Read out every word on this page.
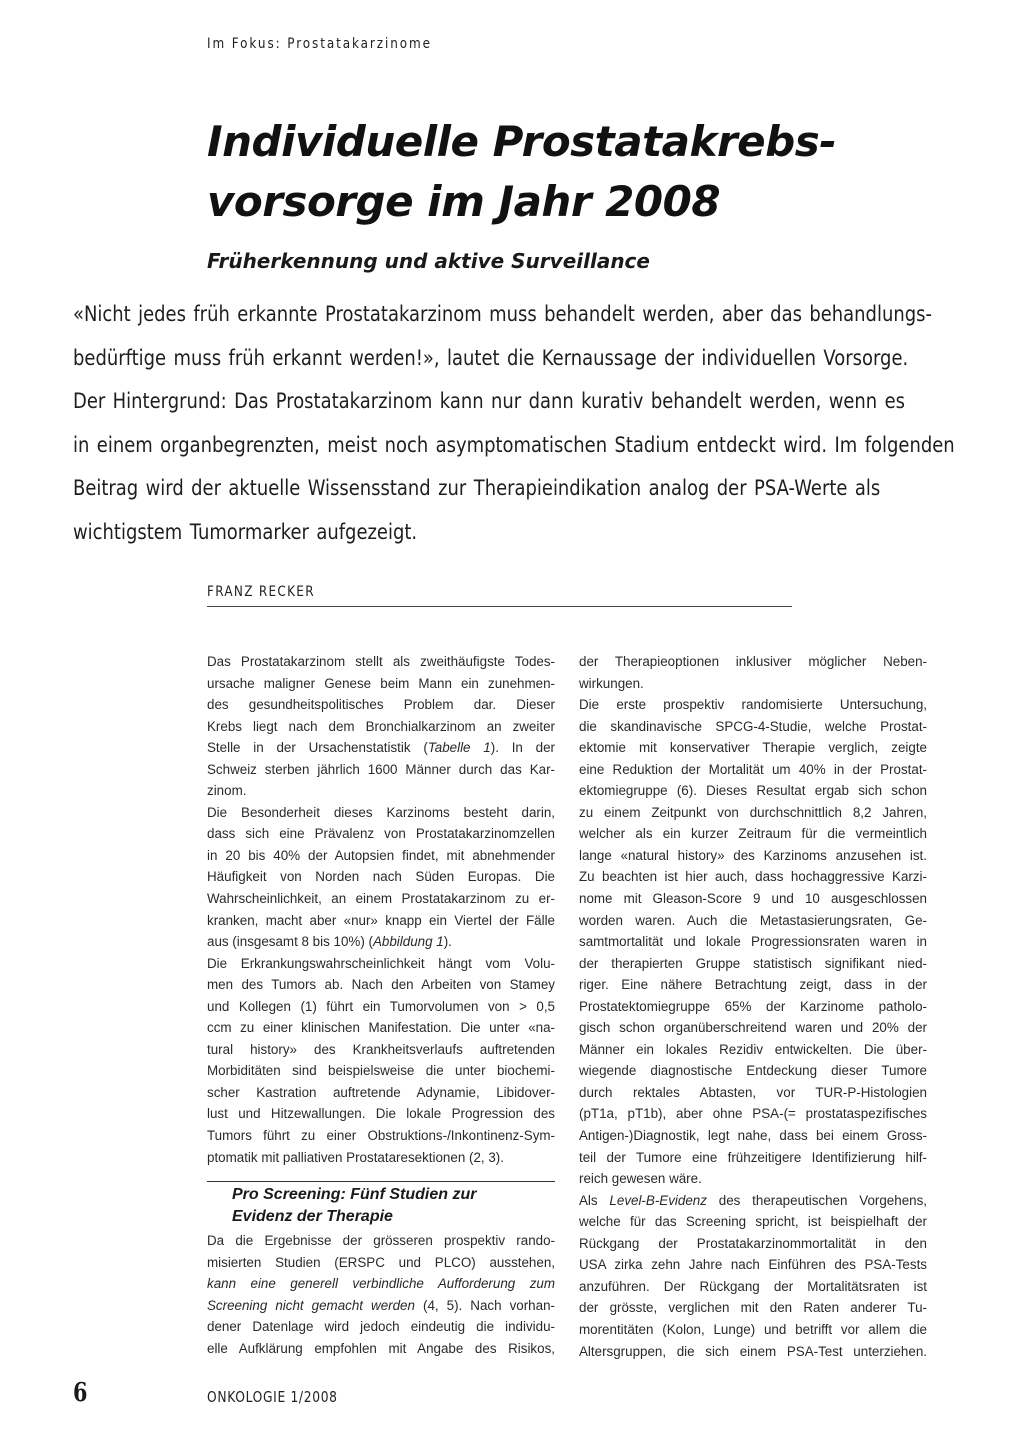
Im Fokus: Prostatakarzinome
Individuelle Prostatakrebs-
vorsorge im Jahr 2008
Früherkennung und aktive Surveillance
«Nicht jedes früh erkannte Prostatakarzinom muss behandelt werden, aber das behandlungs-
bedürftige muss früh erkannt werden!», lautet die Kernaussage der individuellen Vorsorge.
Der Hintergrund: Das Prostatakarzinom kann nur dann kurativ behandelt werden, wenn es
in einem organbegrenzten, meist noch asymptomatischen Stadium entdeckt wird. Im folgenden
Beitrag wird der aktuelle Wissensstand zur Therapieindikation analog der PSA-Werte als
wichtigstem Tumormarker aufgezeigt.
FRANZ RECKER
Das Prostatakarzinom stellt als zweithäufigste Todes-
ursache maligner Genese beim Mann ein zunehmen-
des gesundheitspolitisches Problem dar. Dieser
Krebs liegt nach dem Bronchialkarzinom an zweiter
Stelle in der Ursachenstatistik (Tabelle 1). In der
Schweiz sterben jährlich 1600 Männer durch das Kar-
zinom.
Die Besonderheit dieses Karzinoms besteht darin,
dass sich eine Prävalenz von Prostatakarzinomzellen
in 20 bis 40% der Autopsien findet, mit abnehmender
Häufigkeit von Norden nach Süden Europas. Die
Wahrscheinlichkeit, an einem Prostatakarzinom zu er-
kranken, macht aber «nur» knapp ein Viertel der Fälle
aus (insgesamt 8 bis 10%) (Abbildung 1).
Die Erkrankungswahrscheinlichkeit hängt vom Volu-
men des Tumors ab. Nach den Arbeiten von Stamey
und Kollegen (1) führt ein Tumorvolumen von > 0,5
ccm zu einer klinischen Manifestation. Die unter «na-
tural history» des Krankheitsverlaufs auftretenden
Morbiditäten sind beispielsweise die unter biochemi-
scher Kastration auftretende Adynamie, Libidover-
lust und Hitzewallungen. Die lokale Progression des
Tumors führt zu einer Obstruktions-/Inkontinenz-Sym-
ptomatik mit palliativen Prostataresektionen (2, 3).
Pro Screening: Fünf Studien zur
Evidenz der Therapie
Da die Ergebnisse der grösseren prospektiv rando-
misierten Studien (ERSPC und PLCO) ausstehen,
kann eine generell verbindliche Aufforderung zum
Screening nicht gemacht werden (4, 5). Nach vorhan-
dener Datenlage wird jedoch eindeutig die individu-
elle Aufklärung empfohlen mit Angabe des Risikos,
der Therapieoptionen inklusiver möglicher Neben-
wirkungen.
Die erste prospektiv randomisierte Untersuchung,
die skandinavische SPCG-4-Studie, welche Prostat-
ektomie mit konservativer Therapie verglich, zeigte
eine Reduktion der Mortalität um 40% in der Prostat-
ektomiegruppe (6). Dieses Resultat ergab sich schon
zu einem Zeitpunkt von durchschnittlich 8,2 Jahren,
welcher als ein kurzer Zeitraum für die vermeintlich
lange «natural history» des Karzinoms anzusehen ist.
Zu beachten ist hier auch, dass hochaggressive Karzi-
nome mit Gleason-Score 9 und 10 ausgeschlossen
worden waren. Auch die Metastasierungsraten, Ge-
samtmortalität und lokale Progressionsraten waren in
der therapierten Gruppe statistisch signifikant nied-
riger. Eine nähere Betrachtung zeigt, dass in der
Prostatektomiegruppe 65% der Karzinome patholo-
gisch schon organüberschreitend waren und 20% der
Männer ein lokales Rezidiv entwickelten. Die über-
wiegende diagnostische Entdeckung dieser Tumore
durch rektales Abtasten, vor TUR-P-Histologien
(pT1a, pT1b), aber ohne PSA-(= prostataspezifisches
Antigen-)Diagnostik, legt nahe, dass bei einem Gross-
teil der Tumore eine frühzeitigere Identifizierung hilf-
reich gewesen wäre.
Als Level-B-Evidenz des therapeutischen Vorgehens,
welche für das Screening spricht, ist beispielhaft der
Rückgang der Prostatakarzinommortalität in den
USA zirka zehn Jahre nach Einführen des PSA-Tests
anzuführen. Der Rückgang der Mortalitätsraten ist
der grösste, verglichen mit den Raten anderer Tu-
morentitäten (Kolon, Lunge) und betrifft vor allem die
Altersgruppen, die sich einem PSA-Test unterziehen.
6	ONKOLOGIE 1/2008
